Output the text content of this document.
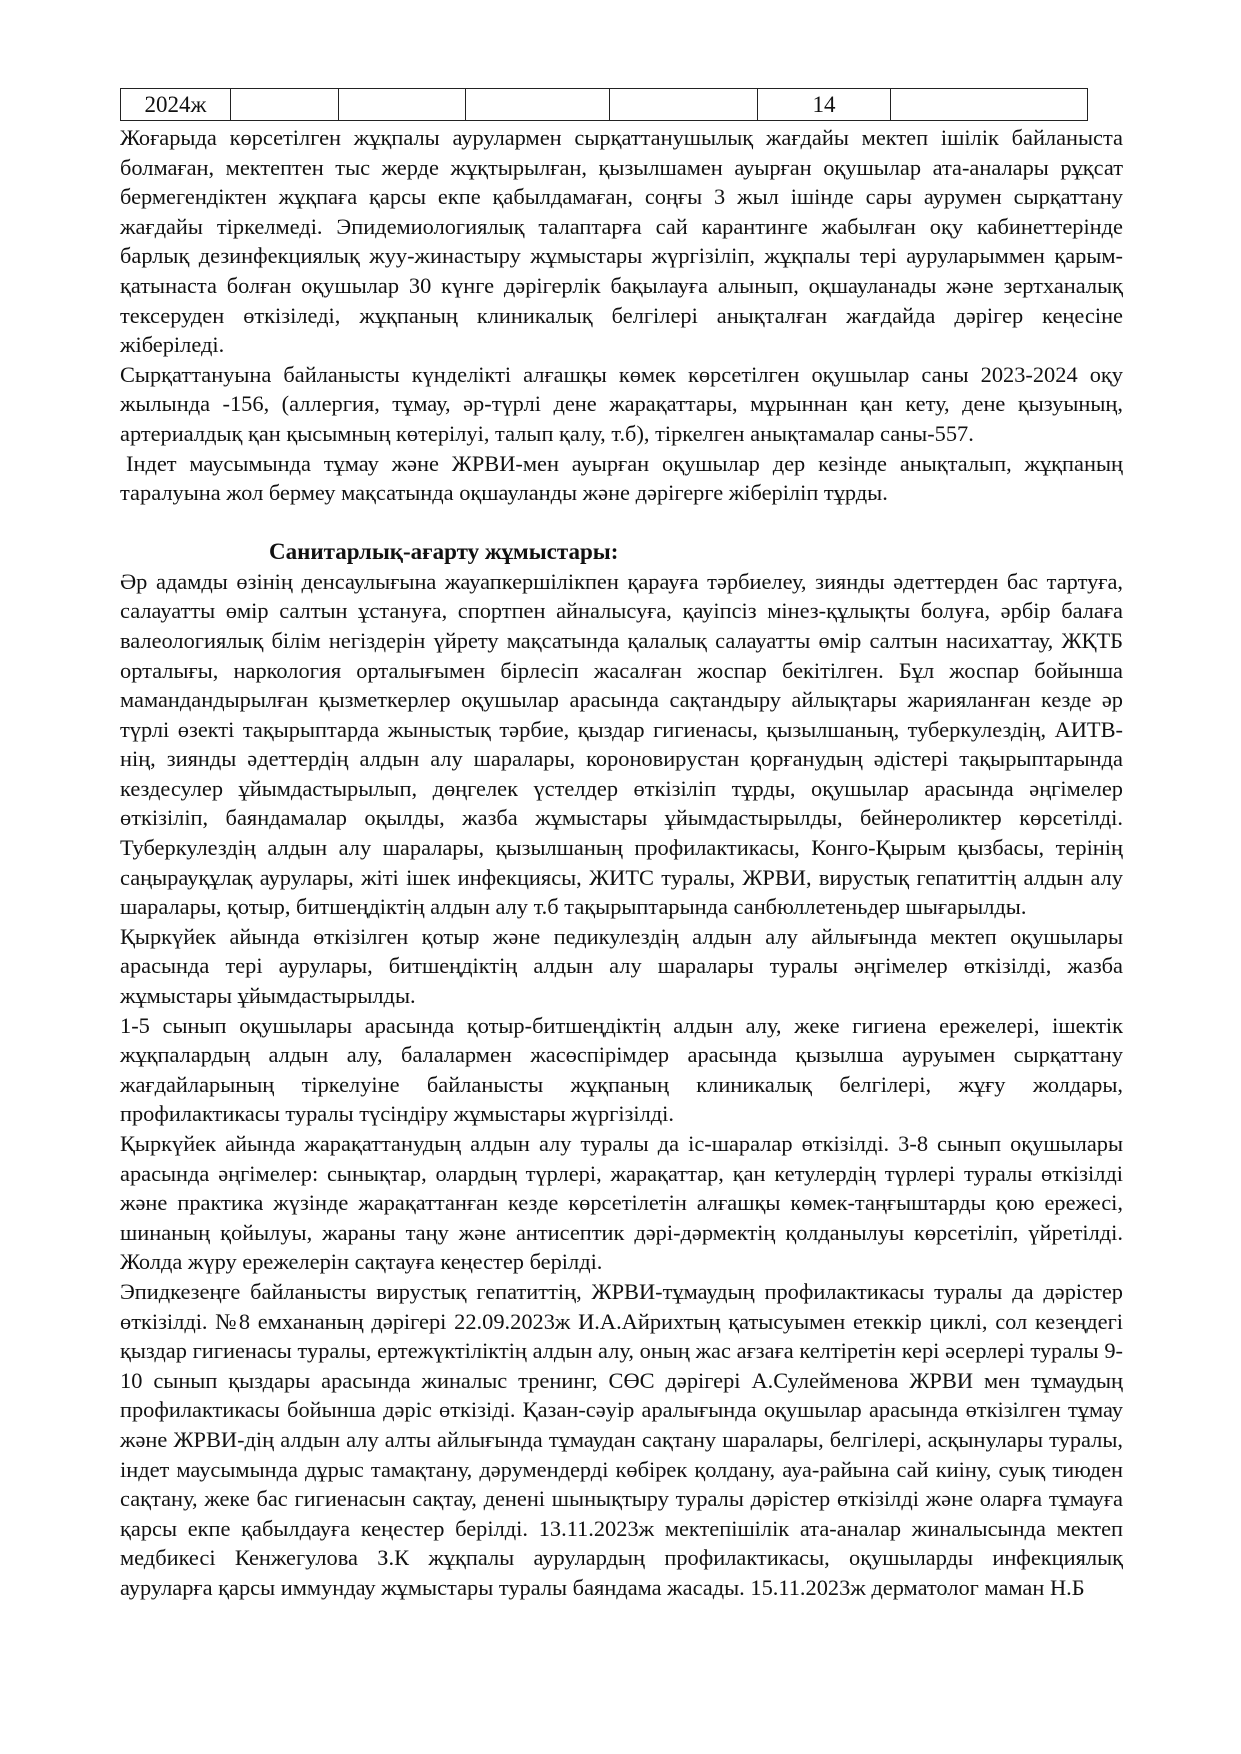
2024ж					14	

Жоғарыда көрсетілген жұқпалы аурулармен сырқаттанушылық жағдайы мектеп ішілік байланыста болмаған, мектептен тыс жерде жұқтырылған, қызылшамен ауырған оқушылар ата-аналары рұқсат бермегендіктен жұқпаға қарсы екпе қабылдамаған, соңғы 3 жыл ішінде сары аурумен сырқаттану жағдайы тіркелмеді. Эпидемиологиялық талаптарға сай карантинге жабылған оқу кабинеттерінде барлық дезинфекциялық жуу-жинастыру жұмыстары жүргізіліп, жұқпалы тері ауруларыммен қарым-қатынаста болған оқушылар 30 күнге дәрігерлік бақылауға алынып, оқшауланады және зертханалық тексеруден өткізіледі, жұқпаның клиникалық белгілері анықталған жағдайда дәрігер кеңесіне жіберіледі.

Сырқаттануына байланысты күнделікті алғашқы көмек көрсетілген оқушылар саны 2023-2024 оқу жылында -156, (аллергия, тұмау, әр-түрлі дене жарақаттары, мұрыннан қан кету, дене қызуының, артериалдық қан қысымның көтерілуі, талып қалу, т.б), тіркелген анықтамалар саны-557.

Індет маусымында тұмау және ЖРВИ-мен ауырған оқушылар дер кезінде анықталып, жұқпаның таралуына жол бермеу мақсатында оқшауланды және дәрігерге жіберіліп тұрды.

Санитарлық-ағарту жұмыстары:

Әр адамды өзінің денсаулығына жауапкершілікпен қарауға тәрбиелеу, зиянды әдеттерден бас тартуға, салауатты өмір салтын ұстануға, спортпен айналысуға, қауіпсіз мінез-құлықты болуға, әрбір балаға валеологиялық білім негіздерін үйрету мақсатында қалалық салауатты өмір салтын насихаттау, ЖҚТБ орталығы, наркология орталығымен бірлесіп жасалған жоспар бекітілген. Бұл жоспар бойынша мамандандырылған қызметкерлер оқушылар арасында сақтандыру айлықтары жарияланған кезде әр түрлі өзекті тақырыптарда жыныстық тәрбие, қыздар гигиенасы, қызылшаның, туберкулездің, АИТВ-нің, зиянды әдеттердің алдын алу шаралары, короновирустан қорғанудың әдістері тақырыптарында кездесулер ұйымдастырылып, дөңгелек үстелдер өткізіліп тұрды, оқушылар арасында әңгімелер өткізіліп, баяндамалар оқылды, жазба жұмыстары ұйымдастырылды, бейнероликтер көрсетілді. Туберкулездің алдын алу шаралары, қызылшаның профилактикасы, Конго-Қырым қызбасы, терінің саңырауқұлақ аурулары, жіті ішек инфекциясы, ЖИТС туралы, ЖРВИ, вирустық гепатиттің алдын алу шаралары, қотыр, битшеңдіктің алдын алу т.б тақырыптарында санбюллетеньдер шығарылды.

Қыркүйек айында өткізілген қотыр және педикулездің алдын алу айлығында мектеп оқушылары арасында тері аурулары, битшеңдіктің алдын алу шаралары туралы әңгімелер өткізілді, жазба жұмыстары ұйымдастырылды.

1-5 сынып оқушылары арасында қотыр-битшеңдіктің алдын алу, жеке гигиена ережелері, ішектік жұқпалардың алдын алу, балалармен жасөспірімдер арасында қызылша ауруымен сырқаттану жағдайларының тіркелуіне байланысты жұқпаның клиникалық белгілері, жұғу жолдары, профилактикасы туралы түсіндіру жұмыстары жүргізілді.

Қыркүйек айында жарақаттанудың алдын алу туралы да іс-шаралар өткізілді. 3-8 сынып оқушылары арасында әңгімелер: сынықтар, олардың түрлері, жарақаттар, қан кетулердің түрлері туралы өткізілді және практика жүзінде жарақаттанған кезде көрсетілетін алғашқы көмек-таңғыштарды қою ережесі, шинаның қойылуы, жараны таңу және антисептик дәрі-дәрмектің қолданылуы көрсетіліп, үйретілді. Жолда жүру ережелерін сақтауға кеңестер берілді.

Эпидкезеңге байланысты вирустық гепатиттің, ЖРВИ-тұмаудың профилактикасы туралы да дәрістер өткізілді. №8 емхананың дәрігері 22.09.2023ж И.А.Айрихтың қатысуымен етеккір циклі, сол кезеңдегі қыздар гигиенасы туралы, ертежүктіліктің алдын алу, оның жас ағзаға келтіретін кері әсерлері туралы 9-10 сынып қыздары арасында жиналыс тренинг, СӨС дәрігері А.Сулейменова ЖРВИ мен тұмаудың профилактикасы бойынша дәріс өткізіді. Қазан-сәуір аралығында оқушылар арасында өткізілген тұмау және ЖРВИ-дің алдын алу алты айлығында тұмаудан сақтану шаралары, белгілері, асқынулары туралы, індет маусымында дұрыс тамақтану, дәрумендерді көбірек қолдану, ауа-райына сай киіну, суық тиюден сақтану, жеке бас гигиенасын сақтау, денені шынықтыру туралы дәрістер өткізілді және оларға тұмауға қарсы екпе қабылдауға кеңестер берілді. 13.11.2023ж мектепішілік ата-аналар жиналысында мектеп медбикесі Кенжегулова З.К жұқпалы аурулардың профилактикасы, оқушыларды инфекциялық ауруларға қарсы иммундау жұмыстары туралы баяндама жасады. 15.11.2023ж дерматолог маман Н.Б
